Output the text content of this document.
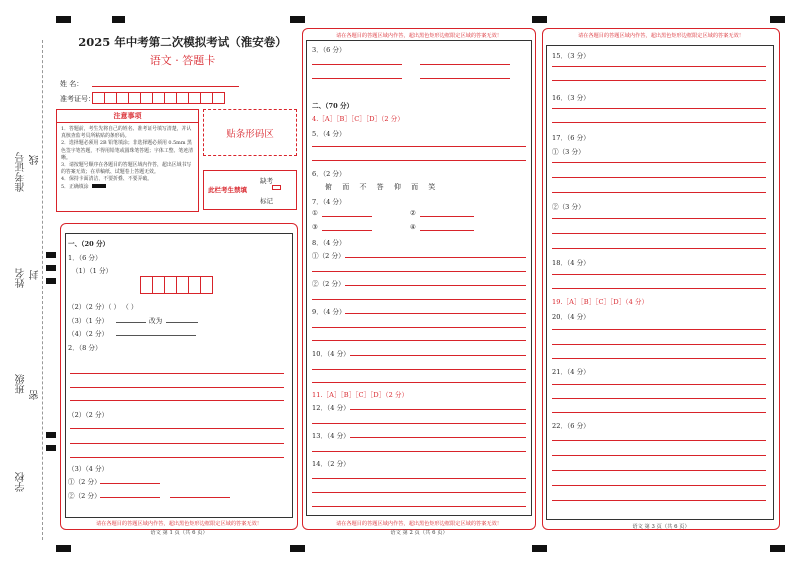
准考证号 线
姓名 封
班级
密
学校
2025 年中考第二次模拟考试（淮安卷）
语文 · 答题卡
姓 名：
准考证号：
注意事项
1．答题前，考生先将自己的姓名、准考证号填写清楚，并认真核查监考员所粘贴的条形码。
2．选择题必须用 2B 铅笔填涂；非选择题必须用 0.5mm 黑色签字笔答题，不得用铅笔或圆珠笔答题；字体工整、笔迹清晰。
3．请按题号顺序在各题目的答题区域内作答，超出区域书写的答案无效；在草稿纸、试题卷上答题无效。
4．保持卡面清洁，不要折叠、不要弄破。
5．正确填涂
贴条形码区
缺考
此栏考生禁填
标记
请在各题目的答题区域内作答，超出黑色矩形边框限定区域的答案无效！
语文 第 1 页（共 6 页）
一、（20 分）
1．（6 分）
（1）（1 分）
（2）（2 分）（ ） （ ）
（3）（1 分）	改为
（4）（2 分）
2．（8 分）
（2）（2 分）
（3）（4 分）
①（2 分）
②（2 分）
请在各题目的答题区域内作答，超出黑色矩形边框限定区域的答案无效！
请在各题目的答题区域内作答，超出黑色矩形边框限定区域的答案无效！
语文 第 2 页（共 6 页）
3．（6 分）
二、（70 分）
4.［A］［B］［C］［D］（2 分）
5．（4 分）
6．（2 分）
俯 而 不 答 仰 而 笑
7．（4 分）
①	②
③	④
8．（4 分）
①（2 分）
②（2 分）
9．（4 分）
10．（4 分）
11.［A］［B］［C］［D］（2 分）
12．（4 分）
13．（4 分）
14．（2 分）
请在各题目的答题区域内作答，超出黑色矩形边框限定区域的答案无效！
语文 第 3 页（共 6 页）
15．（3 分）
16．（3 分）
17．（6 分）
①（3 分）
②（3 分）
18．（4 分）
19.［A］［B］［C］［D］（4 分）
20．（4 分）
21．（4 分）
22．（6 分）
